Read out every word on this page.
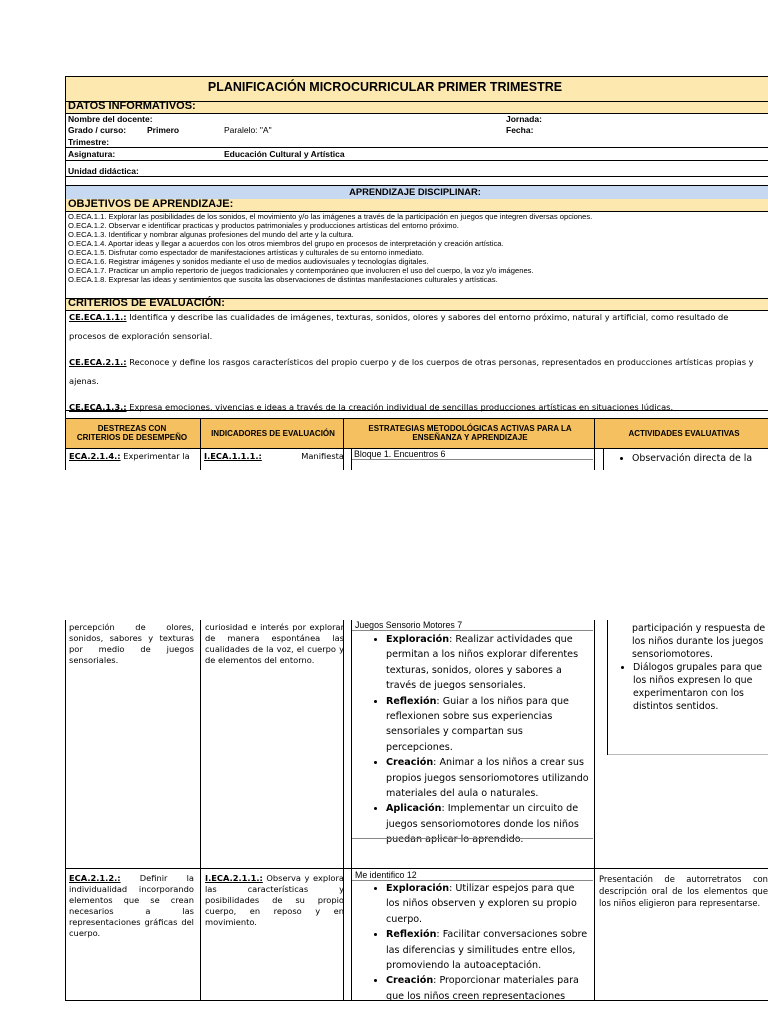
PLANIFICACIÓN MICROCURRICULAR PRIMER TRIMESTRE
DATOS INFORMATIVOS:
Nombre del docente:	Jornada:
Grado / curso: Primero	Paralelo: "A"	Fecha:
Trimestre:
Asignatura:	Educación Cultural y Artística
Unidad didáctica:
APRENDIZAJE DISCIPLINAR:
OBJETIVOS DE APRENDIZAJE:
O.ECA.1.1. Explorar las posibilidades de los sonidos, el movimiento y/o las imágenes a través de la participación en juegos que integren diversas opciones.
O.ECA.1.2. Observar e identificar practicas y productos patrimoniales y producciones artísticas del entorno próximo.
O.ECA.1.3. Identificar y nombrar algunas profesiones del mundo del arte y la cultura.
O.ECA.1.4. Aportar ideas y llegar a acuerdos con los otros miembros del grupo en procesos de interpretación y creación artística.
O.ECA.1.5. Disfrutar como espectador de manifestaciones artísticas y culturales de su entorno inmediato.
O.ECA.1.6. Registrar imágenes y sonidos mediante el uso de medios audiovisuales y tecnologías digitales.
O.ECA.1.7. Practicar un amplio repertorio de juegos tradicionales y contemporáneo que involucren el uso del cuerpo, la voz y/o imágenes.
O.ECA.1.8. Expresar las ideas y sentimientos que suscita las observaciones de distintas manifestaciones culturales y artísticas.
CRITERIOS DE EVALUACIÓN:
CE.ECA.1.1.: Identifica y describe las cualidades de imágenes, texturas, sonidos, olores y sabores del entorno próximo, natural y artificial, como resultado de
procesos de exploración sensorial.
CE.ECA.2.1.: Reconoce y define los rasgos característicos del propio cuerpo y de los cuerpos de otras personas, representados en producciones artísticas propias y
ajenas.
CE.ECA.1.3.: Expresa emociones, vivencias e ideas a través de la creación individual de sencillas producciones artísticas en situaciones lúdicas.
DESTREZAS CON CRITERIOS DE DESEMPEÑO	INDICADORES DE EVALUACIÓN	ESTRATEGIAS METODOLÓGICAS ACTIVAS PARA LA ENSEÑANZA Y APRENDIZAJE	ACTIVIDADES EVALUATIVAS
ECA.2.1.4.: Experimentar la	I.ECA.1.1.1.:	Manifiesta Bloque 1. Encuentros 6
•	Observación directa de la
percepción de olores, sonidos, sabores y texturas por medio de juegos sensoriales.
curiosidad e interés por explorar de manera espontánea las cualidades de la voz, el cuerpo y de elementos del entorno.
Juegos Sensorio Motores 7
• Exploración: Realizar actividades que permitan a los niños explorar diferentes texturas, sonidos, olores y sabores a través de juegos sensoriales.
• Reflexión: Guiar a los niños para que reflexionen sobre sus experiencias sensoriales y compartan sus percepciones.
• Creación: Animar a los niños a crear sus propios juegos sensoriomotores utilizando materiales del aula o naturales.
• Aplicación: Implementar un circuito de juegos sensoriomotores donde los niños puedan aplicar lo aprendido.
participación y respuesta de los niños durante los juegos sensoriomotores.
• Diálogos grupales para que los niños expresen lo que experimentaron con los distintos sentidos.
ECA.2.1.2.: Definir la individualidad incorporando elementos que se crean necesarios a las representaciones gráficas del cuerpo.
I.ECA.2.1.1.: Observa y explora las características y posibilidades de su propio cuerpo, en reposo y en movimiento.
Me identifico 12
• Exploración: Utilizar espejos para que los niños observen y exploren su propio cuerpo.
• Reflexión: Facilitar conversaciones sobre las diferencias y similitudes entre ellos, promoviendo la autoaceptación.
• Creación: Proporcionar materiales para que los niños creen representaciones
Presentación de autorretratos con descripción oral de los elementos que los niños eligieron para representarse.
